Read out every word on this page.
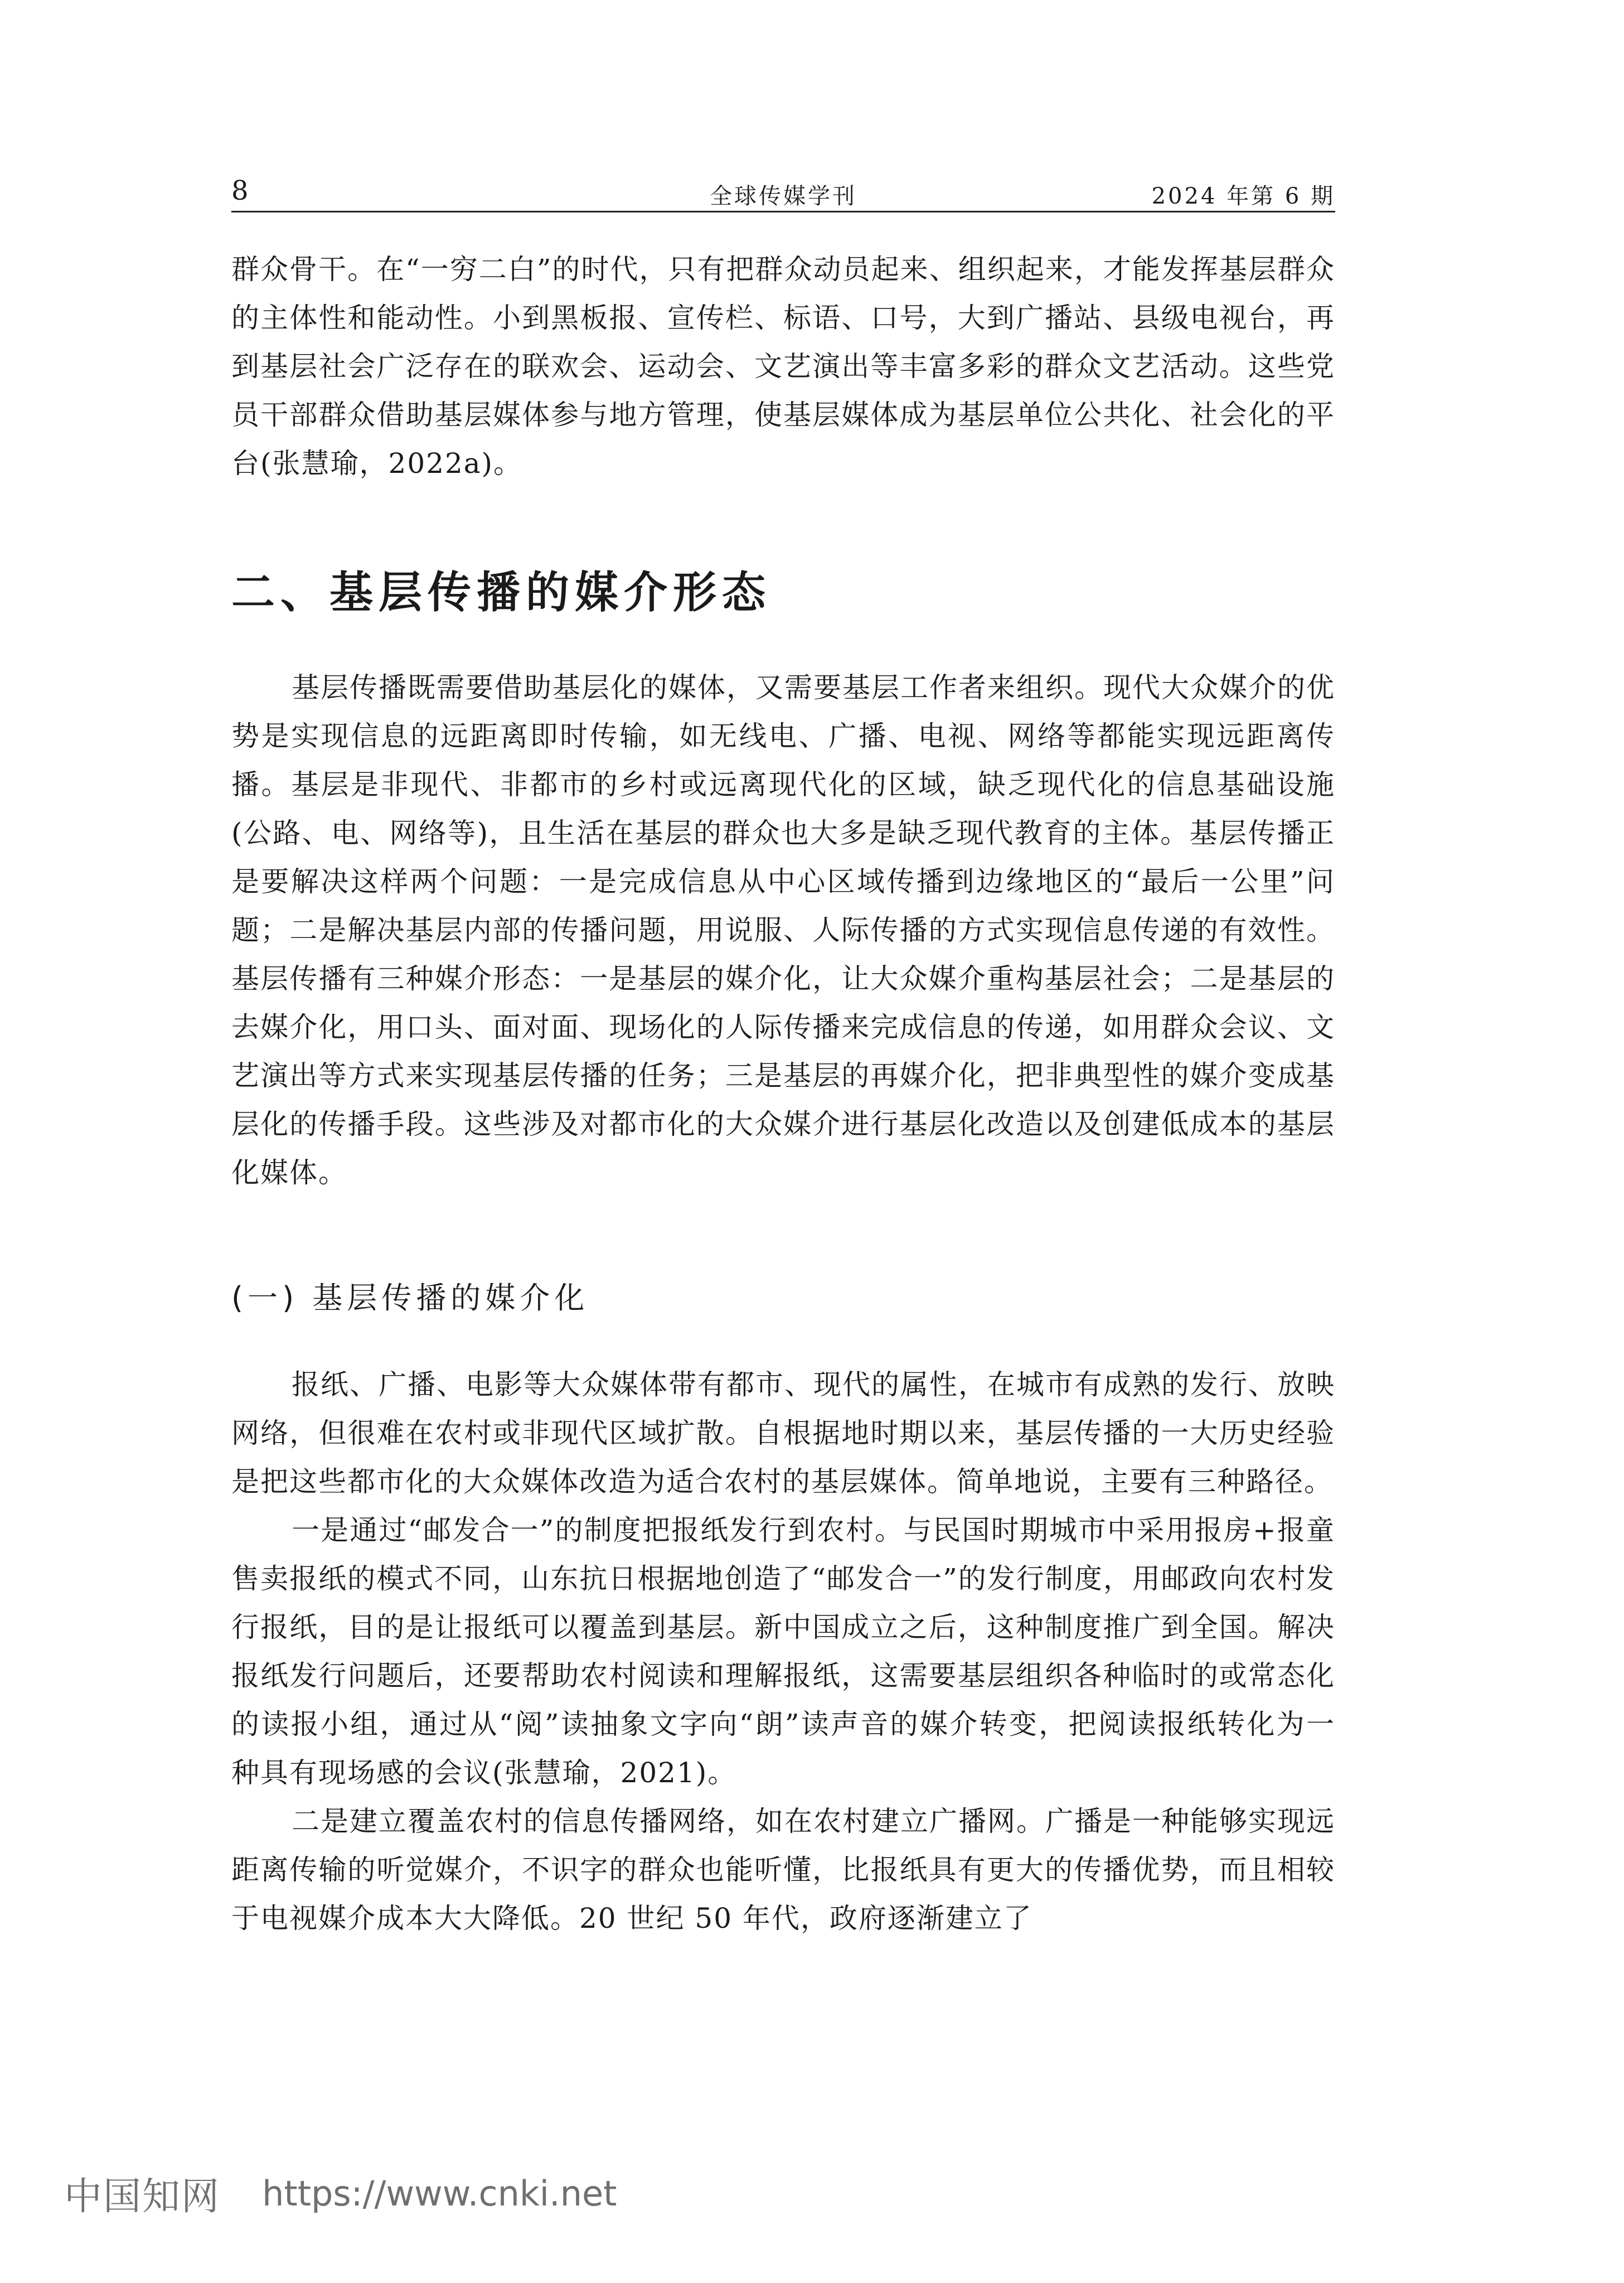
8	全球传媒学刊	2024 年第 6 期

群众骨干。在“一穷二白”的时代，只有把群众动员起来、组织起来，才能发挥基层群众的主体性和能动性。小到黑板报、宣传栏、标语、口号，大到广播站、县级电视台，再到基层社会广泛存在的联欢会、运动会、文艺演出等丰富多彩的群众文艺活动。这些党员干部群众借助基层媒体参与地方管理，使基层媒体成为基层单位公共化、社会化的平台(张慧瑜，2022a)。

二、基层传播的媒介形态

基层传播既需要借助基层化的媒体，又需要基层工作者来组织。现代大众媒介的优势是实现信息的远距离即时传输，如无线电、广播、电视、网络等都能实现远距离传播。基层是非现代、非都市的乡村或远离现代化的区域，缺乏现代化的信息基础设施(公路、电、网络等)，且生活在基层的群众也大多是缺乏现代教育的主体。基层传播正是要解决这样两个问题：一是完成信息从中心区域传播到边缘地区的“最后一公里”问题；二是解决基层内部的传播问题，用说服、人际传播的方式实现信息传递的有效性。基层传播有三种媒介形态：一是基层的媒介化，让大众媒介重构基层社会；二是基层的去媒介化，用口头、面对面、现场化的人际传播来完成信息的传递，如用群众会议、文艺演出等方式来实现基层传播的任务；三是基层的再媒介化，把非典型性的媒介变成基层化的传播手段。这些涉及对都市化的大众媒介进行基层化改造以及创建低成本的基层化媒体。

(一) 基层传播的媒介化

报纸、广播、电影等大众媒体带有都市、现代的属性，在城市有成熟的发行、放映网络，但很难在农村或非现代区域扩散。自根据地时期以来，基层传播的一大历史经验是把这些都市化的大众媒体改造为适合农村的基层媒体。简单地说，主要有三种路径。

一是通过“邮发合一”的制度把报纸发行到农村。与民国时期城市中采用报房+报童售卖报纸的模式不同，山东抗日根据地创造了“邮发合一”的发行制度，用邮政向农村发行报纸，目的是让报纸可以覆盖到基层。新中国成立之后，这种制度推广到全国。解决报纸发行问题后，还要帮助农村阅读和理解报纸，这需要基层组织各种临时的或常态化的读报小组，通过从“阅”读抽象文字向“朗”读声音的媒介转变，把阅读报纸转化为一种具有现场感的会议(张慧瑜，2021)。

二是建立覆盖农村的信息传播网络，如在农村建立广播网。广播是一种能够实现远距离传输的听觉媒介，不识字的群众也能听懂，比报纸具有更大的传播优势，而且相较于电视媒介成本大大降低。20 世纪 50 年代，政府逐渐建立了

中国知网 https://www.cnki.net
